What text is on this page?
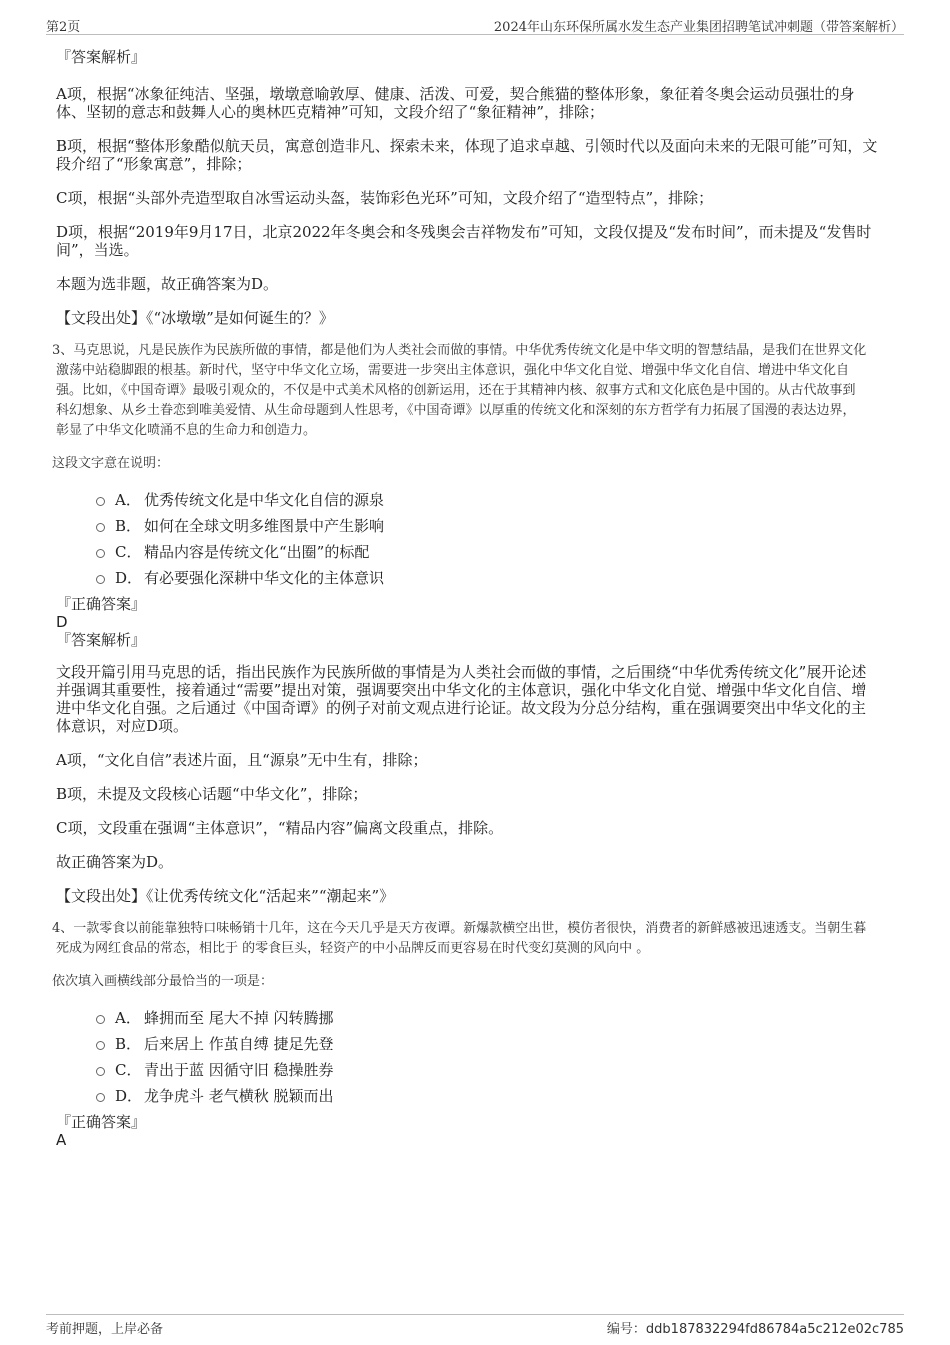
第2页	2024年山东环保所属水发生态产业集团招聘笔试冲刺题（带答案解析）

『答案解析』

A项，根据“冰象征纯洁、坚强，墩墩意喻敦厚、健康、活泼、可爱，契合熊猫的整体形象，象征着冬奥会运动员强壮的身

体、坚韧的意志和鼓舞人心的奥林匹克精神”可知，文段介绍了“象征精神”，排除；

B项，根据“整体形象酷似航天员，寓意创造非凡、探索未来，体现了追求卓越、引领时代以及面向未来的无限可能”可知，文

段介绍了“形象寓意”，排除；

C项，根据“头部外壳造型取自冰雪运动头盔，装饰彩色光环”可知，文段介绍了“造型特点”，排除；

D项，根据“2019年9月17日，北京2022年冬奥会和冬残奥会吉祥物发布”可知，文段仅提及“发布时间”，而未提及“发售时

间”，当选。

本题为选非题，故正确答案为D。

【文段出处】《“冰墩墩”是如何诞生的？》

3、马克思说，凡是民族作为民族所做的事情，都是他们为人类社会而做的事情。中华优秀传统文化是中华文明的智慧结晶，是我们在世界文化

激荡中站稳脚跟的根基。新时代，坚守中华文化立场，需要进一步突出主体意识，强化中华文化自觉、增强中华文化自信、增进中华文化自

强。比如，《中国奇谭》最吸引观众的，不仅是中式美术风格的创新运用，还在于其精神内核、叙事方式和文化底色是中国的。从古代故事到

科幻想象、从乡土眷恋到唯美爱情、从生命母题到人性思考，《中国奇谭》以厚重的传统文化和深刻的东方哲学有力拓展了国漫的表达边界，

彰显了中华文化喷涌不息的生命力和创造力。

这段文字意在说明：

A． 优秀传统文化是中华文化自信的源泉
B． 如何在全球文明多维图景中产生影响
C． 精品内容是传统文化“出圈”的标配
D． 有必要强化深耕中华文化的主体意识

『正确答案』

D

『答案解析』

文段开篇引用马克思的话，指出民族作为民族所做的事情是为人类社会而做的事情，之后围绕“中华优秀传统文化”展开论述

并强调其重要性，接着通过“需要”提出对策，强调要突出中华文化的主体意识，强化中华文化自觉、增强中华文化自信、增

进中华文化自强。之后通过《中国奇谭》的例子对前文观点进行论证。故文段为分总分结构，重在强调要突出中华文化的主

体意识，对应D项。

A项，“文化自信”表述片面，且“源泉”无中生有，排除；

B项，未提及文段核心话题“中华文化”，排除；

C项，文段重在强调“主体意识”，“精品内容”偏离文段重点，排除。

故正确答案为D。

【文段出处】《让优秀传统文化“活起来”“潮起来”》

4、一款零食以前能靠独特口味畅销十几年，这在今天几乎是天方夜谭。新爆款横空出世，模仿者很快，消费者的新鲜感被迅速透支。当朝生暮

死成为网红食品的常态，相比于 的零食巨头，轻资产的中小品牌反而更容易在时代变幻莫测的风向中 。

依次填入画横线部分最恰当的一项是：

A． 蜂拥而至 尾大不掉 闪转腾挪
B． 后来居上 作茧自缚 捷足先登
C． 青出于蓝 因循守旧 稳操胜券
D． 龙争虎斗 老气横秋 脱颖而出

『正确答案』

A

考前押题，上岸必备	编号：ddb187832294fd86784a5c212e02c785
